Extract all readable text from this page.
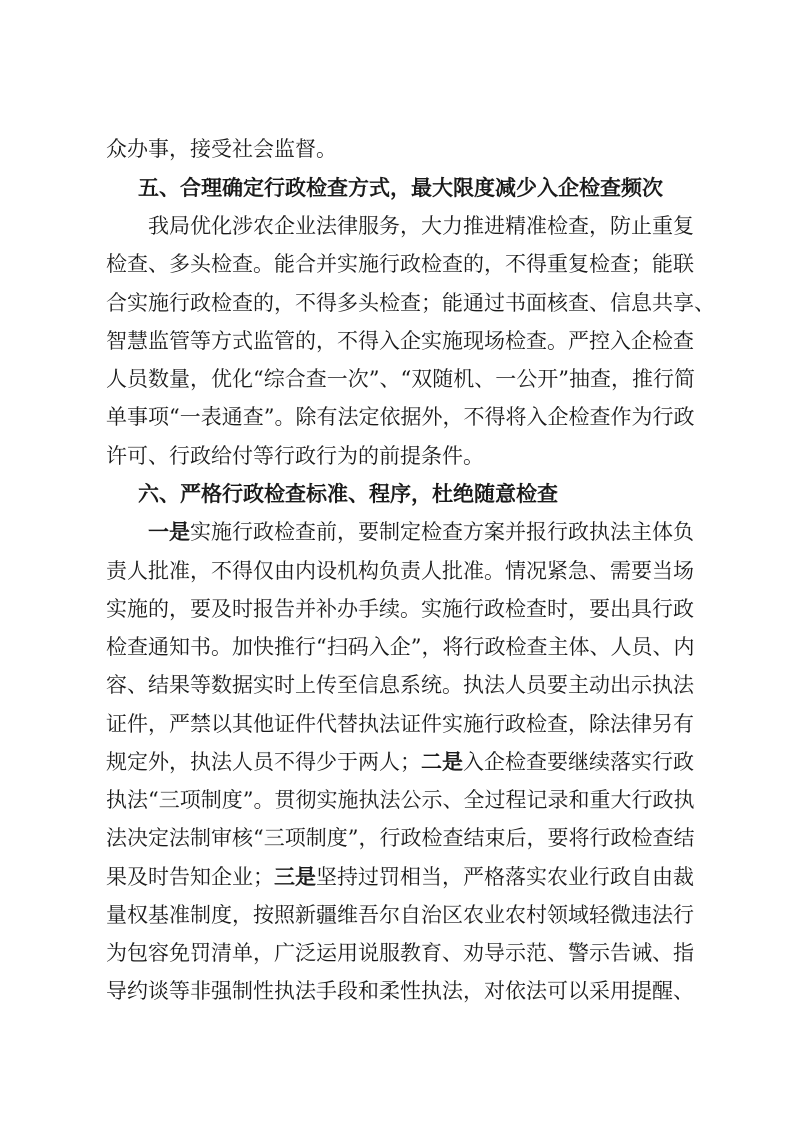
众办事，接受社会监督。
五、合理确定行政检查方式，最大限度减少入企检查频次
我局优化涉农企业法律服务，大力推进精准检查，防止重复
检查、多头检查。能合并实施行政检查的，不得重复检查；能联
合实施行政检查的，不得多头检查；能通过书面核查、信息共享、
智慧监管等方式监管的，不得入企实施现场检查。严控入企检查
人员数量，优化“综合查一次”、“双随机、一公开”抽查，推行简
单事项“一表通查”。除有法定依据外，不得将入企检查作为行政
许可、行政给付等行政行为的前提条件。
六、严格行政检查标准、程序，杜绝随意检查
一是实施行政检查前，要制定检查方案并报行政执法主体负
责人批准，不得仅由内设机构负责人批准。情况紧急、需要当场
实施的，要及时报告并补办手续。实施行政检查时，要出具行政
检查通知书。加快推行“扫码入企”，将行政检查主体、人员、内
容、结果等数据实时上传至信息系统。执法人员要主动出示执法
证件，严禁以其他证件代替执法证件实施行政检查，除法律另有
规定外，执法人员不得少于两人；二是入企检查要继续落实行政
执法“三项制度”。贯彻实施执法公示、全过程记录和重大行政执
法决定法制审核“三项制度”，行政检查结束后，要将行政检查结
果及时告知企业；三是坚持过罚相当，严格落实农业行政自由裁
量权基准制度，按照新疆维吾尔自治区农业农村领域轻微违法行
为包容免罚清单，广泛运用说服教育、劝导示范、警示告诫、指
导约谈等非强制性执法手段和柔性执法，对依法可以采用提醒、
